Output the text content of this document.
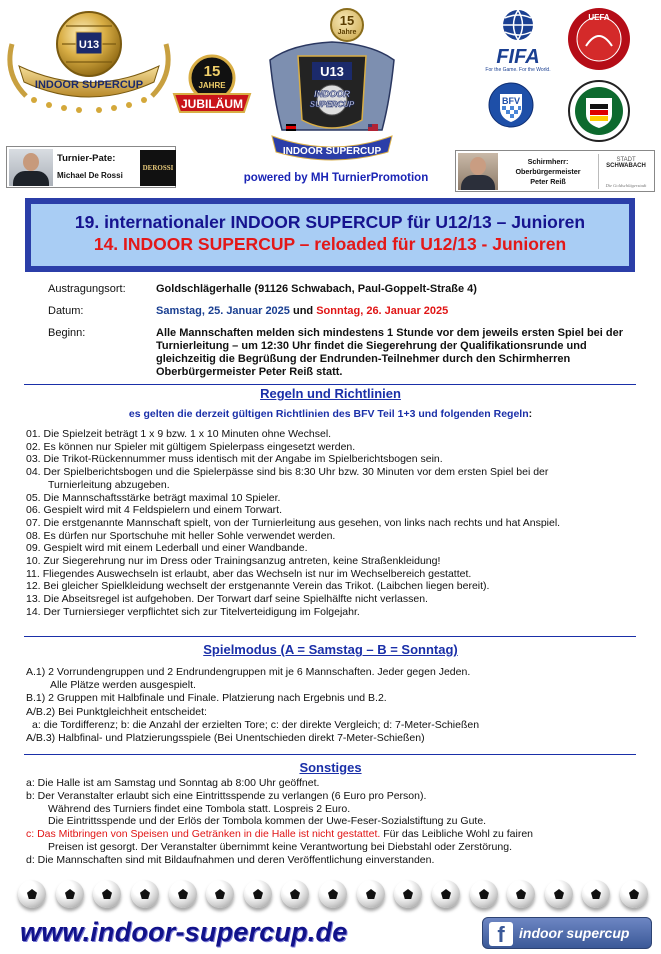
U13
INDOOR SUPERCUP
15
JAHRE
JUBILÄUM
15
Jahre
U13
INDOOR
SUPERCUP
INDOOR SUPERCUP
FIFA
For the Game. For the World.
UEFA
BFV
Turnier-Pate:
Michael De Rossi
DEROSSI
powered by MH TurnierPromotion
Schirmherr:
Oberbürgermeister
Peter Reiß
STADT SCHWABACH
Die Goldschlägerstadt
19. internationaler INDOOR SUPERCUP für U12/13 – Junioren
14. INDOOR SUPERCUP – reloaded für U12/13 - Junioren
Austragungsort:	Goldschlägerhalle (91126 Schwabach, Paul-Goppelt-Straße 4)
Datum:	Samstag, 25. Januar 2025 und Sonntag, 26. Januar 2025
Beginn:	Alle Mannschaften melden sich mindestens 1 Stunde vor dem jeweils ersten Spiel bei der Turnierleitung – um 12:30 Uhr findet die Siegerehrung der Qualifikationsrunde und gleichzeitig die Begrüßung der Endrunden-Teilnehmer durch den Schirmherren Oberbürgermeister Peter Reiß statt.
Regeln und Richtlinien
es gelten die derzeit gültigen Richtlinien des BFV Teil 1+3 und folgenden Regeln:
01. Die Spielzeit beträgt 1 x 9 bzw. 1 x 10 Minuten ohne Wechsel.
02. Es können nur Spieler mit gültigem Spielerpass eingesetzt werden.
03. Die Trikot-Rückennummer muss identisch mit der Angabe im Spielberichtsbogen sein.
04. Der Spielberichtsbogen und die Spielerpässe sind bis 8:30 Uhr bzw. 30 Minuten vor dem ersten Spiel bei der
Turnierleitung abzugeben.
05. Die Mannschaftsstärke beträgt maximal 10 Spieler.
06. Gespielt wird mit 4 Feldspielern und einem Torwart.
07. Die erstgenannte Mannschaft spielt, von der Turnierleitung aus gesehen, von links nach rechts und hat Anspiel.
08. Es dürfen nur Sportschuhe mit heller Sohle verwendet werden.
09. Gespielt wird mit einem Lederball und einer Wandbande.
10. Zur Siegerehrung nur im Dress oder Trainingsanzug antreten, keine Straßenkleidung!
11. Fliegendes Auswechseln ist erlaubt, aber das Wechseln ist nur im Wechselbereich gestattet.
12. Bei gleicher Spielkleidung wechselt der erstgenannte Verein das Trikot. (Laibchen liegen bereit).
13. Die Abseitsregel ist aufgehoben. Der Torwart darf seine Spielhälfte nicht verlassen.
14. Der Turniersieger verpflichtet sich zur Titelverteidigung im Folgejahr.
Spielmodus (A = Samstag – B = Sonntag)
A.1) 2 Vorrundengruppen und 2 Endrundengruppen mit je 6 Mannschaften. Jeder gegen Jeden.
Alle Plätze werden ausgespielt.
B.1) 2 Gruppen mit Halbfinale und Finale. Platzierung nach Ergebnis und B.2.
A/B.2) Bei Punktgleichheit entscheidet:
a: die Tordifferenz; b: die Anzahl der erzielten Tore; c: der direkte Vergleich; d: 7-Meter-Schießen
A/B.3) Halbfinal- und Platzierungsspiele (Bei Unentschieden direkt 7-Meter-Schießen)
Sonstiges
a: Die Halle ist am Samstag und Sonntag ab 8:00 Uhr geöffnet.
b: Der Veranstalter erlaubt sich eine Eintrittsspende zu verlangen (6 Euro pro Person).
Während des Turniers findet eine Tombola statt. Lospreis 2 Euro.
Die Eintrittsspende und der Erlös der Tombola kommen der Uwe-Feser-Sozialstiftung zu Gute.
c: Das Mitbringen von Speisen und Getränken in die Halle ist nicht gestattet. Für das Leibliche Wohl zu fairen
Preisen ist gesorgt. Der Veranstalter übernimmt keine Verantwortung bei Diebstahl oder Zerstörung.
d: Die Mannschaften sind mit Bildaufnahmen und deren Veröffentlichung einverstanden.
www.indoor-supercup.de	f	indoor supercup
